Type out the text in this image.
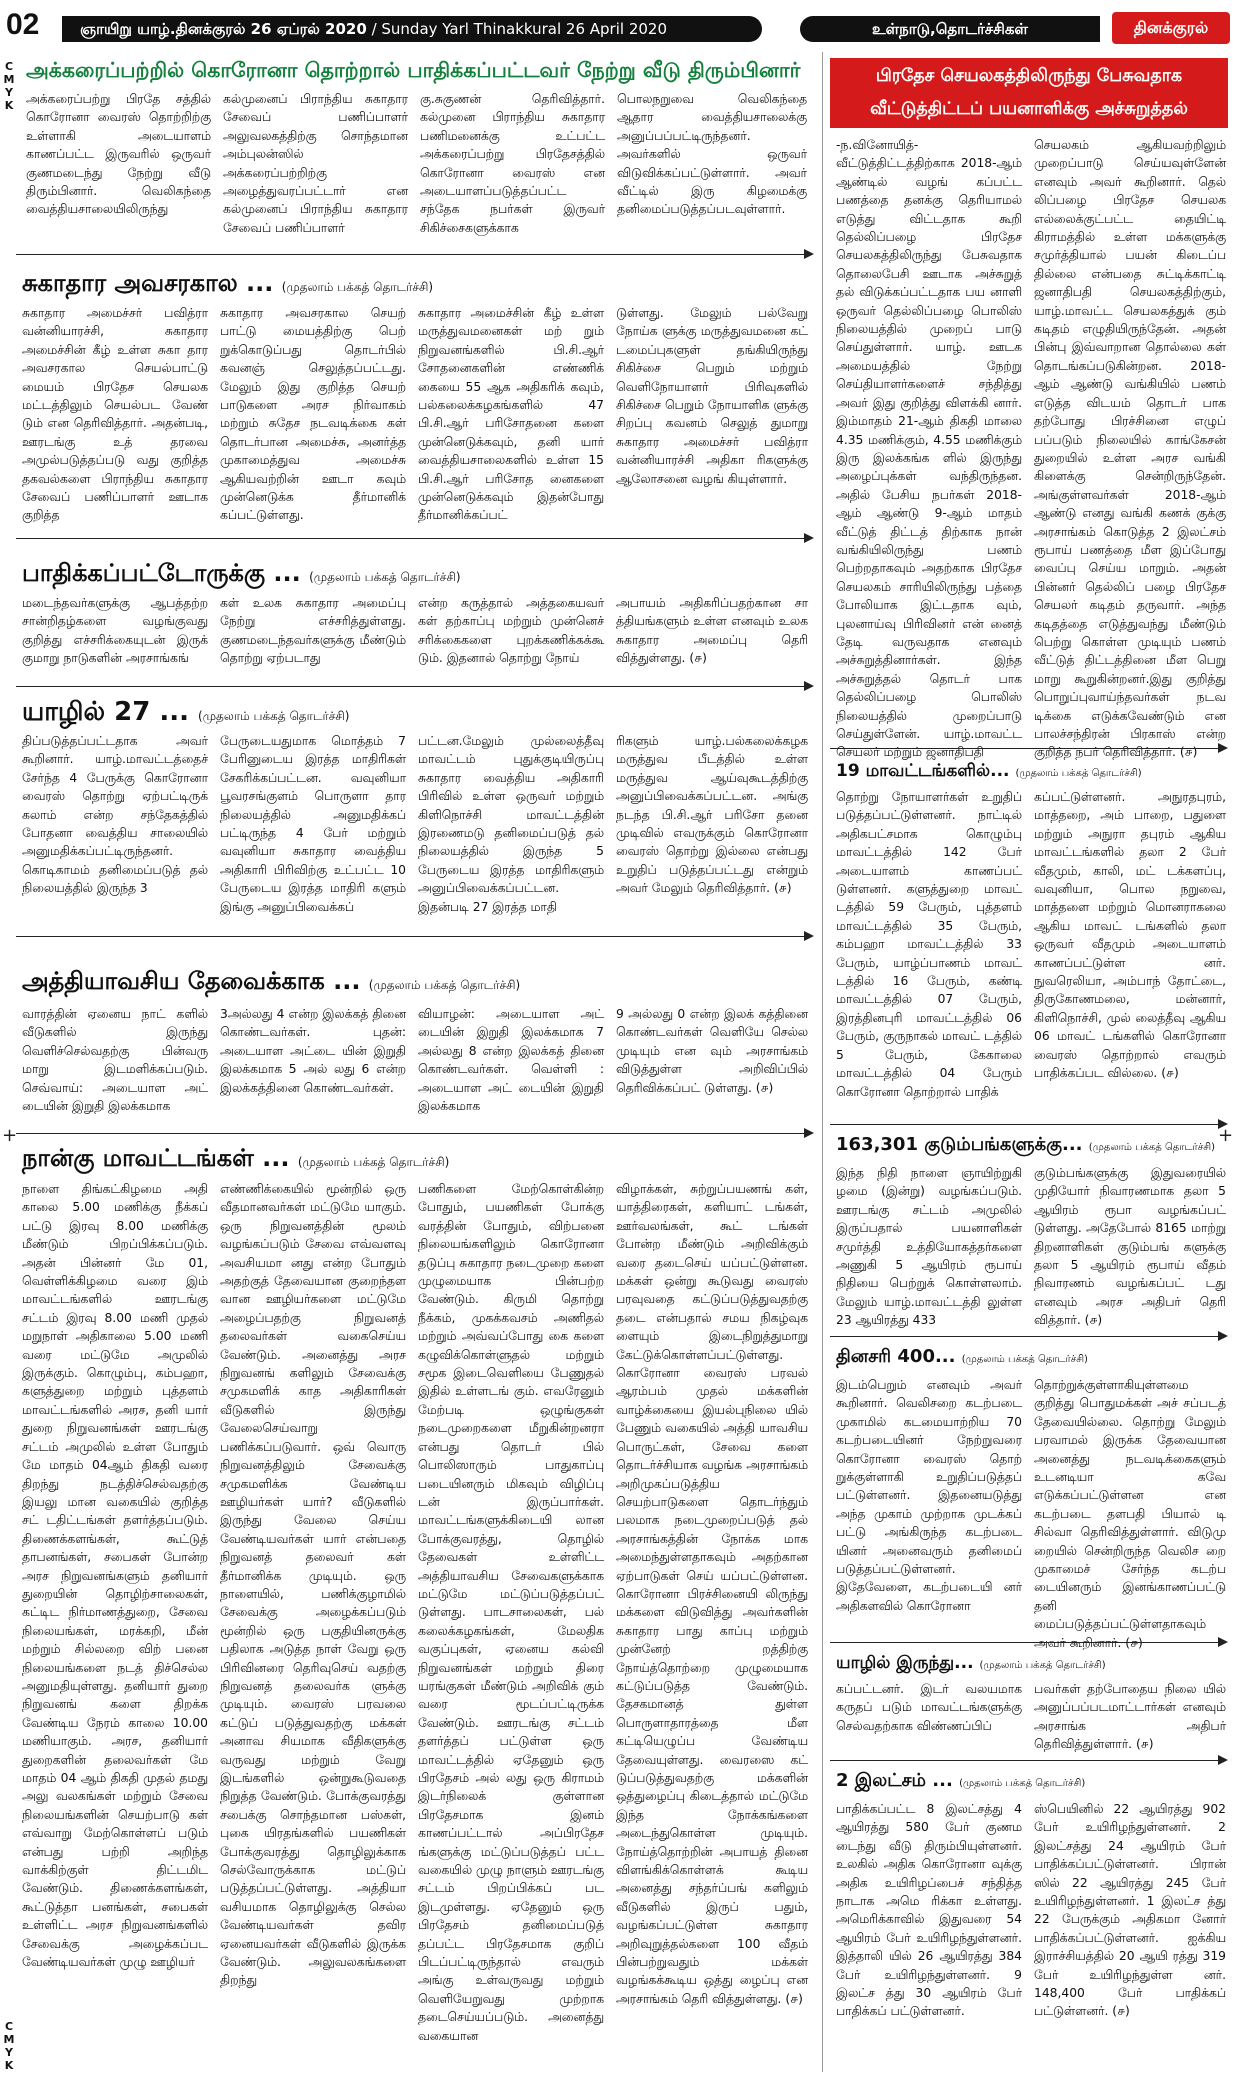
02	ஞாயிறு யாழ்.தினக்குரல் 26 ஏப்ரல் 2020 / Sunday Yarl Thinakkural 26 April 2020	உள்நாடு,தொடர்ச்சிகள்	தினக்குரல்
C
M
Y
K
C
M
Y
K
+	+
அக்கரைப்பற்றில் கொரோனா தொற்றால் பாதிக்கப்பட்டவர் நேற்று வீடு திரும்பினார்
அக்கரைப்பற்று பிரதே சத்தில் கொரோனா வைரஸ் தொற்றிற்கு உள்ளாகி அடையாளம் காணப்பட்ட இருவரில் ஒருவர் குணமடைந்து நேற்று வீடு திரும்பினார். வெலிகந்தை வைத்தியசாலையிலிருந்து
கல்முனைப் பிராந்திய சுகாதார சேவைப் பணிப்பாளர் அலுவலகத்திற்கு சொந்தமான அம்புலன்ஸில் அக்கரைப்பற்றிற்கு அழைத்துவரப்பட்டார் என கல்முனைப் பிராந்திய சுகாதார சேவைப் பணிப்பாளர்
கு.சுகுணன் தெரிவித்தார். கல்முனை பிராந்திய சுகாதார பணிமனைக்கு உட்பட்ட அக்கரைப்பற்று பிரதேசத்தில் கொரோனா வைரஸ் என அடையாளப்படுத்தப்பட்ட சந்தேக நபர்கள் இருவர் சிகிச்சைகளுக்காக
பொலநறுவை வெலிகந்தை ஆதார வைத்தியசாலைக்கு அனுப்பப்பட்டிருந்தனர். அவர்களில் ஒருவர் விடுவிக்கப்பட்டுள்ளார். அவர் வீட்டில் இரு கிழமைக்கு தனிமைப்படுத்தப்படவுள்ளார்.
சுகாதார அவசரகால ... (முதலாம் பக்கத் தொடர்ச்சி)
சுகாதார அமைச்சர் பவித்ரா வன்னியாரச்சி, சுகாதார அமைச்சின் கீழ் உள்ள சுகா தார அவசரகால செயல்பாட்டு மையம் பிரதேச செயலக மட்டத்திலும் செயல்பட வேண் டும் என தெரிவித்தார். அதன்படி, ஊரடங்கு உத் தரவை அமுல்படுத்தப்படு வது குறித்த தகவல்களை பிராந்திய சுகாதார சேவைப் பணிப்பாளர் ஊடாக குறித்த
சுகாதார அவசரகால செயற் பாட்டு மையத்திற்கு பெற் றுக்கொடுப்பது தொடர்பில் கவனஞ் செலுத்தப்பட்டது. மேலும் இது குறித்த செயற் பாடுகளை அரச நிர்வாகம் மற்றும் சுதேச நடவடிக்கை கள் தொடர்பான அமைச்சு, அனர்த்த முகாமைத்துவ அமைச்சு ஆகியவற்றின் ஊடா கவும் முன்னெடுக்க தீர்மானிக் கப்பட்டுள்ளது.
சுகாதார அமைச்சின் கீழ் உள்ள மருத்துவமனைகள் மற் றும் நிறுவனங்களில் பி.சி.ஆர் சோதனைகளின் எண்ணிக் கையை 55 ஆக அதிகரிக் கவும், பல்கலைக்கழகங்களில் 47 பி.சி.ஆர் பரிசோதனை களை முன்னெடுக்கவும், தனி யார் வைத்தியசாலைகளில் உள்ள 15 பி.சி.ஆர் பரிசோத னைகளை முன்னெடுக்கவும் இதன்போது தீர்மானிக்கப்பட்
டுள்ளது. மேலும் பல்வேறு நோய்க ளுக்கு மருத்துவமனை கட் டமைப்புகளுள் தங்கியிருந்து சிகிச்சை பெறும் மற்றும் வெளிநோயாளர் பிரிவுகளில் சிகிச்சை பெறும் நோயாளிக ளுக்கு சிறப்பு கவனம் செலுத் துமாறு சுகாதார அமைச்சர் பவித்ரா வன்னியாரச்சி அதிகா ரிகளுக்கு ஆலோசனை வழங் கியுள்ளார்.
பாதிக்கப்பட்டோருக்கு ... (முதலாம் பக்கத் தொடர்ச்சி)
மடைந்தவர்களுக்கு ஆபத்தற்ற சான்றிதழ்களை வழங்குவது குறித்து எச்சரிக்கையுடன் இருக் குமாறு நாடுகளின் அரசாங்கங்
கள் உலக சுகாதார அமைப்பு நேற்று எச்சரித்துள்ளது. குணமடைந்தவர்களுக்கு மீண்டும் தொற்று ஏற்படாது
என்ற கருத்தால் அத்தகையவர் கள் தற்காப்பு மற்றும் முன்னெச் சரிக்கைகளை புறக்கணிக்கக்கூ டும். இதனால் தொற்று நோய்
அபாயம் அதிகரிப்பதற்கான சா த்தியங்களும் உள்ள எனவும் உலக சுகாதார அமைப்பு தெரி வித்துள்ளது. (௪)
யாழில் 27 ... (முதலாம் பக்கத் தொடர்ச்சி)
திப்படுத்தப்பட்டதாக அவர் கூறினார். யாழ்.மாவட்டத்தைச் சேர்ந்த 4 பேருக்கு கொரோனா வைரஸ் தொற்று ஏற்பட்டிருக் கலாம் என்ற சந்தேகத்தில் போதனா வைத்திய சாலையில் அனுமதிக்கப்பட்டிருந்தனர். கொடிகாமம் தனிமைப்படுத் தல் நிலையத்தில் இருந்த 3
பேருடையதுமாக மொத்தம் 7 பேரினுடைய இரத்த மாதிரிகள் சேகரிக்கப்பட்டன. வவுனியா பூவரசங்குளம் பொருளா தார நிலையத்தில் அனுமதிக்கப் பட்டிருந்த 4 பேர் மற்றும் வவுனியா சுகாதார வைத்திய அதிகாரி பிரிவிற்கு உட்பட்ட 10 பேருடைய இரத்த மாதிரி களும் இங்கு அனுப்பிவைக்கப்
பட்டன.மேலும் முல்லைத்தீவு மாவட்டம் புதுக்குடியிருப்பு சுகாதார வைத்திய அதிகாரி பிரிவில் உள்ள ஒருவர் மற்றும் கிளிநொச்சி மாவட்டத்தின் இரணைமடு தனிமைப்படுத் தல் நிலையத்தில் இருந்த 5 பேருடைய இரத்த மாதிரிகளும் அனுப்பிவைக்கப்பட்டன. இதன்படி 27 இரத்த மாதி
ரிகளும் யாழ்.பல்கலைக்கழக மருத்துவ பீடத்தில் உள்ள மருத்துவ ஆய்வுகூடத்திற்கு அனுப்பிவைக்கப்பட்டன. அங்கு நடந்த பி.சி.ஆர் பரிசோ தனை முடிவில் எவருக்கும் கொரோனா வைரஸ் தொற்று இல்லை என்பது உறுதிப் படுத்தப்பட்டது என்றும் அவர் மேலும் தெரிவித்தார். (௪)
அத்தியாவசிய தேவைக்காக ... (முதலாம் பக்கத் தொடர்ச்சி)
வாரத்தின் ஏனைய நாட் களில் வீடுகளில் இருந்து வெளிச்செல்வதற்கு பின்வரு மாறு இடமளிக்கப்படும். செவ்வாய்: அடையாள அட் டையின் இறுதி இலக்கமாக
3அல்லது 4 என்ற இலக்கத் தினை கொண்டவர்கள். புதன்: அடையாள அட்டை யின் இறுதி இலக்கமாக 5 அல் லது 6 என்ற இலக்கத்தினை கொண்டவர்கள்.
வியாழன்: அடையாள அட் டையின் இறுதி இலக்கமாக 7 அல்லது 8 என்ற இலக்கத் தினை கொண்டவர்கள். வெள்ளி : அடையாள அட் டையின் இறுதி இலக்கமாக
9 அல்லது 0 என்ற இலக் கத்தினை கொண்டவர்கள் வெளியே செல்ல முடியும் என வும் அரசாங்கம் விடுத்துள்ள அறிவிப்பில் தெரிவிக்கப்பட் டுள்ளது. (௪)
நான்கு மாவட்டங்கள் ... (முதலாம் பக்கத் தொடர்ச்சி)
நாளை திங்கட்கிழமை அதி காலை 5.00 மணிக்கு நீக்கப் பட்டு இரவு 8.00 மணிக்கு மீண்டும் பிறப்பிக்கப்படும். அதன் பின்னர் மே 01, வெள்ளிக்கிழமை வரை இம் மாவட்டங்களில் ஊரடங்கு சட்டம் இரவு 8.00 மணி முதல் மறுநாள் அதிகாலை 5.00 மணி வரை மட்டுமே அமுலில் இருக்கும். கொழும்பு, கம்பஹா, களுத்துறை மற்றும் புத்தளம் மாவட்டங்களில் அரச, தனி யார் துறை நிறுவனங்கள் ஊரடங்கு சட்டம் அமுலில் உள்ள போதும் மே மாதம் 04ஆம் திகதி வரை திறந்து நடத்திச்செல்வதற்கு இயலு மான வகையில் குறித்த சட் டதிட்டங்கள் தளர்த்தப்படும். திணைக்களங்கள், கூட்டுத் தாபனங்கள், சபைகள் போன்ற அரச நிறுவனங்களும் தனியார் துறையின் தொழிற்சாலைகள், கட்டிட நிர்மாணத்துறை, சேவை நிலையங்கள், மரக்கறி, மீன் மற்றும் சில்லறை விற் பனை நிலையங்களை நடத் திச்செல்ல அனுமதியுள்ளது. தனியார் துறை நிறுவனங் களை திறக்க வேண்டிய நேரம் காலை 10.00 மணியாகும். அரச, தனியார் துறைகளின் தலைவர்கள் மே மாதம் 04 ஆம் திகதி முதல் தமது அலு வலகங்கள் மற்றும் சேவை நிலையங்களின் செயற்பாடு கள் எவ்வாறு மேற்கொள்ளப் படும் என்பது பற்றி அறிந்த வாக்கிற்குள் திட்டமிட வேண்டும். திணைக்களங்கள், கூட்டுத்தா பனங்கள், சபைகள் உள்ளிட்ட அரச நிறுவனங்களில் சேவைக்கு அழைக்கப்பட வேண்டியவர்கள் முழு ஊழியர்
எண்ணிக்கையில் மூன்றில் ஒரு வீதமானவர்கள் மட்டுமே யாகும். ஒரு நிறுவனத்தின் மூலம் வழங்கப்படும் சேவை எவ்வளவு அவசியமா னது என்ற போதும் அதற்குத் தேவையான குறைந்தள வான ஊழியர்களை மட்டுமே அழைப்பதற்கு நிறுவனத் தலைவர்கள் வகைசெய்ய வேண்டும். அனைத்து அரச நிறுவனங் களிலும் சேவைக்கு சமுகமளிக் காத அதிகாரிகள் வீடுகளில் இருந்து வேலைசெய்வாறு பணிக்கப்படுவார். ஒவ் வொரு நிறுவனத்திலும் சேவைக்கு சமுகமளிக்க வேண்டிய ஊழியர்கள் யார்? வீடுகளில் இருந்து வேலை செய்ய வேண்டியவர்கள் யார் என்பதை நிறுவனத் தலைவர் கள் தீர்மானிக்க முடியும். ஒரு நாளையில், பணிக்குழாமில் சேவைக்கு அழைக்கப்படும் மூன்றில் ஒரு பகுதியினருக்கு பதிலாக அடுத்த நாள் வேறு ஒரு பிரிவினரை தெரிவுசெய் வதற்கு நிறுவனத் தலைவர்க ளுக்கு முடியும். வைரஸ் பரவலை கட்டுப் படுத்துவதற்கு மக்கள் அனாவ சியமாக வீதிகளுக்கு வருவது மற்றும் வேறு இடங்களில் ஒன்றுகூடுவதை நிறுத்த வேண்டும். போக்குவரத்து சபைக்கு சொந்தமான பஸ்கள், புகை யிரதங்களில் பயணிகள் போக்குவரத்து தொழிலுக்காக செல்வோருக்காக மட்டுப் படுத்தப்பட்டுள்ளது. அத்தியா வசியமாக தொழிலுக்கு செல்ல வேண்டியவர்கள் தவிர ஏனையவர்கள் வீடுகளில் இருக்க வேண்டும். அலுவலகங்களை திறந்து
பணிகளை மேற்கொள்கின்ற போதும், பயணிகள் போக்கு வரத்தின் போதும், விற்பனை நிலையங்களிலும் கொரோனா தடுப்பு சுகாதார நடைமுறை களை முழுமையாக பின்பற்ற வேண்டும். கிருமி தொற்று நீக்கம், முகக்கவசம் அணிதல் மற்றும் அவ்வப்போது கை களை கழுவிக்கொள்ளுதல் மற்றும் சமூக இடைவெளியை பேணுதல் இதில் உள்ளடங் கும். எவரேனும் மேற்படி ஒழுங்குகள் நடைமுறைகளை மீறுகின்றனரா என்பது தொடர் பில் பொலிஸாரும் பாதுகாப்பு படையினரும் மிகவும் விழிப்பு டன் இருப்பார்கள். மாவட்டங்களுக்கிடையி லான போக்குவரத்து, தொழில் தேவைகள் உள்ளிட்ட அத்தியாவசிய சேவைகளுக்காக மட்டுமே மட்டுப்படுத்தப்பட் டுள்ளது. பாடசாலைகள், பல் கலைக்கழகங்கள், மேலதிக வகுப்புகள், ஏனைய கல்வி நிறுவனங்கள் மற்றும் திரை யரங்குகள் மீண்டும் அறிவிக் கும் வரை மூடப்பட்டிருக்க வேண்டும். ஊரடங்கு சட்டம் தளர்த்தப் பட்டுள்ள ஒரு மாவட்டத்தில் ஏதேனும் ஒரு பிரதேசம் அல் லது ஒரு கிராமம் இடர்நிலைக் குள்ளான பிரதேசமாக இனம் காணப்பட்டால் அப்பிரதேச ங்களுக்கு மட்டுப்படுத்தப் பட்ட வகையில் முழு நாளும் ஊரடங்கு சட்டம் பிறப்பிக்கப் பட இடமுள்ளது. ஏதேனும் ஒரு பிரதேசம் தனிமைப்படுத் தப்பட்ட பிரதேசமாக குறிப் பிடப்பட்டிருந்தால் எவரும் அங்கு உள்வருவது மற்றும் வெளியேறுவது முற்றாக தடைசெய்யப்படும். அனைத்து வகையான
விழாக்கள், சுற்றுப்பயணங் கள், யாத்திரைகள், களியாட் டங்கள், ஊர்வலங்கள், கூட் டங்கள் போன்ற மீண்டும் அறிவிக்கும் வரை தடைசெய் யப்பட்டுள்ளன. மக்கள் ஒன்று கூடுவது வைரஸ் பரவுவதை கட்டுப்படுத்துவதற்கு தடை என்பதால் சமய நிகழ்வுக ளையும் இடைநிறுத்துமாறு கேட்டுக்கொள்ளப்பட்டுள்ளது. கொரோனா வைரஸ் பரவல் ஆரம்பம் முதல் மக்களின் வாழ்க்கையை இயல்புநிலை யில் பேணும் வகையில் அத்தி யாவசிய பொருட்கள், சேவை களை தொடர்ச்சியாக வழங்க அரசாங்கம் அறிமுகப்படுத்திய செயற்பாடுகளை தொடர்ந்தும் பலமாக நடைமுறைப்படுத் தல் அரசாங்கத்தின் நோக்க மாக அமைந்துள்ளதாகவும் அதற்கான ஏற்பாடுகள் செய் யப்பட்டுள்ளன. கொரோனா பிரச்சினையி லிருந்து மக்களை விடுவித்து அவர்களின் சுகாதார பாது காப்பு மற்றும் முன்னேற் றத்திற்கு நோய்த்தொற்றை முழுமையாக கட்டுப்படுத்த வேண்டும். தேசகமானத் துள்ள பொருளாதாரத்தை மீள கட்டியெழுப்ப வேண்டிய தேவையுள்ளது. வைரஸை கட் டுப்படுத்துவதற்கு மக்களின் ஒத்துழைப்பு கிடைத்தால் மட்டுமே இந்த நோக்கங்களை அடைந்துகொள்ள முடியும். நோய்த்தொற்றின் அபாயத் தினை விளங்கிக்கொள்ளக் கூடிய அனைத்து சந்தர்ப்பங் களிலும் வீடுகளில் இருப் பதும், வழங்கப்பட்டுள்ள சுகாதார அறிவுறுத்தல்களை 100 வீதம் பின்பற்றுவதும் மக்கள் வழங்கக்கூடிய ஒத்து ழைப்பு என அரசாங்கம் தெரி வித்துள்ளது. (௪)
பிரதேச செயலகத்திலிருந்து பேசுவதாக வீட்டுத்திட்டப் பயனாளிக்கு அச்சுறுத்தல்
-ந.வினோயித்- வீட்டுத்திட்டத்திற்காக 2018-ஆம் ஆண்டில் வழங் கப்பட்ட பணத்தை தனக்கு தெரியாமல் எடுத்து விட்டதாக கூறி தெல்லிப்பழை பிரதேச செயலகத்திலிருந்து பேசுவதாக தொலைபேசி ஊடாக அச்சுறுத் தல் விடுக்கப்பட்டதாக பய னாளி ஒருவர் தெல்லிப்பழை பொலிஸ் நிலையத்தில் முறைப் பாடு செய்துள்ளார். யாழ். ஊடக அமையத்தில் நேற்று செய்தியாளர்களைச் சந்தித்து அவர் இது குறித்து விளக்கி னார். இம்மாதம் 21-ஆம் திகதி மாலை 4.35 மணிக்கும், 4.55 மணிக்கும் இரு இலக்கங்க ளில் இருந்து அழைப்புக்கள் வந்திருந்தன. அதில் பேசிய நபர்கள் 2018-ஆம் ஆண்டு 9-ஆம் மாதம் வீட்டுத் திட்டத் திற்காக நான் வங்கியிலிருந்து பணம் பெற்றதாகவும் அதற்காக பிரதேச செயலகம் சாரியிலிருந்து பத்தை போலியாக இட்டதாக வும், புலனாய்வு பிரிவினர் என் னைத் தேடி வருவதாக எனவும் அச்சுறுத்தினார்கள். இந்த அச்சுறுத்தல் தொடர் பாக தெல்லிப்பழை பொலிஸ் நிலையத்தில் முறைப்பாடு செய்துள்ளேன். யாழ்.மாவட்ட செயலர் மற்றும் ஜனாதிபதி
செயலகம் ஆகியவற்றிலும் முறைப்பாடு செய்யவுள்ளேன் எனவும் அவர் கூறினார். தெல் லிப்பழை பிரதேச செயலக எல்லைக்குட்பட்ட தையிட்டி கிராமத்தில் உள்ள மக்களுக்கு சமுர்த்தியால் பயன் கிடைப்ப தில்லை என்பதை சுட்டிக்காட்டி ஜனாதிபதி செயலகத்திற்கும், யாழ்.மாவட்ட செயலகத்துக் கும் கடிதம் எழுதியிருந்தேன். அதன் பின்பு இவ்வாறான தொல்லை கள் தொடங்கப்படுகின்றன. 2018-ஆம் ஆண்டு வங்கியில் பணம் எடுத்த விடயம் தொடர் பாக தற்போது பிரச்சினை எழுப் பப்படும் நிலையில் காங்கேசன் துறையில் உள்ள அரச வங்கி கிளைக்கு சென்றிருந்தேன். அங்குள்ளவர்கள் 2018-ஆம் ஆண்டு எனது வங்கி கணக் குக்கு அரசாங்கம் கொடுத்த 2 இலட்சம் ரூபாய் பணத்தை மீள இப்போது வைப்பு செய்ய மாறும். அதன் பின்னர் தெல்லிப் பழை பிரதேச செயலர் கடிதம் தருவார். அந்த கடிதத்தை எடுத்துவந்து மீண்டும் பெற்று கொள்ள முடியும் பணம் வீட்டுத் திட்டத்தினை மீள பெறு மாறு கூறுகின்றனர்.இது குறித்து பொறுப்புவாய்ந்தவர்கள் நடவ டிக்கை எடுக்கவேண்டும் என பாலச்சந்திரன் பிரகாஸ் என்ற குறித்த நபர் தெரிவித்தார். (௪)
19 மாவட்டங்களில்... (முதலாம் பக்கத் தொடர்ச்சி)
தொற்று நோயாளர்கள் உறுதிப் படுத்தப்பட்டுள்ளனர். நாட்டில் அதிகபட்சமாக கொழும்பு மாவட்டத்தில் 142 பேர் அடையாளம் காணப்பட் டுள்ளனர். களுத்துறை மாவட் டத்தில் 59 பேரும், புத்தளம் மாவட்டத்தில் 35 பேரும், கம்பஹா மாவட்டத்தில் 33 பேரும், யாழ்ப்பாணம் மாவட் டத்தில் 16 பேரும், கண்டி மாவட்டத்தில் 07 பேரும், இரத்தினபுரி மாவட்டத்தில் 06 பேரும், குருநாகல் மாவட் டத்தில் 5 பேரும், கேகாலை மாவட்டத்தில் 04 பேரும் கொரோனா தொற்றால் பாதிக்
கப்பட்டுள்ளனர். அநுரதபுரம், மாத்தறை, அம் பாறை, பதுளை மற்றும் அநுரா தபுரம் ஆகிய மாவட்டங்களில் தலா 2 பேர் வீதமும், காலி, மட் டக்களப்பு, வவுனியா, பொல நறுவை, மாத்தளை மற்றும் மொனராகலை ஆகிய மாவட் டங்களில் தலா ஒருவர் வீதமும் அடையாளம் காணப்பட்டுள்ள னர். நுவரெலியா, அம்பாந் தோட்டை, திருகோணமலை, மன்னார், கிளிநொச்சி, முல் லைத்தீவு ஆகிய 06 மாவட் டங்களில் கொரோனா வைரஸ் தொற்றால் எவரும் பாதிக்கப்பட வில்லை. (௪)
163,301 குடும்பங்களுக்கு... (முதலாம் பக்கத் தொடர்ச்சி)
இந்த நிதி நாளை ஞாயிற்றுகி ழமை (இன்று) வழங்கப்படும். ஊரடங்கு சட்டம் அமுலில் இருப்பதால் பயனாளிகள் சமுர்த்தி உத்தியோகத்தர்களை அணுகி 5 ஆயிரம் ரூபாய் நிதியை பெற்றுக் கொள்ளலாம். மேலும் யாழ்.மாவட்டத்தி லுள்ள 23 ஆயிரத்து 433
குடும்பங்களுக்கு இதுவரையில் முதியோர் நிவாரணமாக தலா 5 ஆயிரம் ரூபா வழங்கப்பட் டுள்ளது. அதேபோல் 8165 மாற்று திறனாளிகள் குடும்பங் களுக்கு தலா 5 ஆயிரம் ரூபாய் வீதம் நிவாரணம் வழங்கப்பட் டது எனவும் அரச அதிபர் தெரி வித்தார். (௪)
தினசரி 400... (முதலாம் பக்கத் தொடர்ச்சி)
இடம்பெறும் எனவும் அவர் கூறினார். வெலிசறை கடற்படை முகாமில் கடமையாற்றிய 70 கடற்படையினர் நேற்றுவரை கொரோனா வைரஸ் தொற் றுக்குள்ளாகி உறுதிப்படுத்தப் பட்டுள்ளனர். இதனையடுத்து அந்த முகாம் முற்றாக முடக்கப் பட்டு அங்கிருந்த கடற்படை யினர் அனைவரும் தனிமைப் படுத்தப்பட்டுள்ளனர். இதேவேளை, கடற்படையி னர் அதிகளவில் கொரோனா
தொற்றுக்குள்ளாகியுள்ளமை குறித்து பொதுமக்கள் அச் சப்படத் தேவையில்லை. தொற்று மேலும் பரவாமல் இருக்க தேவையான அனைத்து நடவடிக்கைகளும் உடனடியா கவே எடுக்கப்பட்டுள்ளன என கடற்படை தளபதி பியால் டி சில்வா தெரிவித்துள்ளார். விடுமு றையில் சென்றிருந்த வெலிச றை முகாமைச் சேர்ந்த கடற்ப டையினரும் இனங்காணப்பட்டு தனி மைப்படுத்தப்பட்டுள்ளதாகவும் அவர் கூறினார். (௪)
யாழில் இருந்து... (முதலாம் பக்கத் தொடர்ச்சி)
கப்பட்டனர். இடர் வலயமாக கருதப் படும் மாவட்டங்களுக்கு செல்வதற்காக விண்ணப்பிப்
பவர்கள் தற்போதைய நிலை யில் அனுப்பப்படமாட்டார்கள் எனவும் அரசாங்க அதிபர் தெரிவித்துள்ளார். (௪)
2 இலட்சம் ... (முதலாம் பக்கத் தொடர்ச்சி)
பாதிக்கப்பட்ட 8 இலட்சத்து 4 ஆயிரத்து 580 பேர் குணம டைந்து வீடு திரும்பியுள்ளனர். உலகில் அதிக கொரோனா வுக்கு அதிக உயிரிழப்பைச் சந்தித்த நாடாக அமெ ரிக்கா உள்ளது. அமெரிக்காவில் இதுவரை 54 ஆயிரம் பேர் உயிரிழந்துள்ளனர். இத்தாலி யில் 26 ஆயிரத்து 384 பேர் உயிரிழந்துள்ளனர். 9 இலட்ச த்து 30 ஆயிரம் பேர் பாதிக்கப் பட்டுள்ளனர்.
ஸ்பெயினில் 22 ஆயிரத்து 902 பேர் உயிரிழந்துள்ளனர். 2 இலட்சத்து 24 ஆயிரம் பேர் பாதிக்கப்பட்டுள்ளனர். பிரான் ஸில் 22 ஆயிரத்து 245 பேர் உயிரிழந்துள்ளனர். 1 இலட்ச த்து 22 பேருக்கும் அதிகமா னோர் பாதிக்கப்பட்டுள்ளனர். ஐக்கிய இராச்சியத்தில் 20 ஆயி ரத்து 319 பேர் உயிரிழந்துள்ள னர். 148,400 பேர் பாதிக்கப் பட்டுள்ளனர். (௪)
